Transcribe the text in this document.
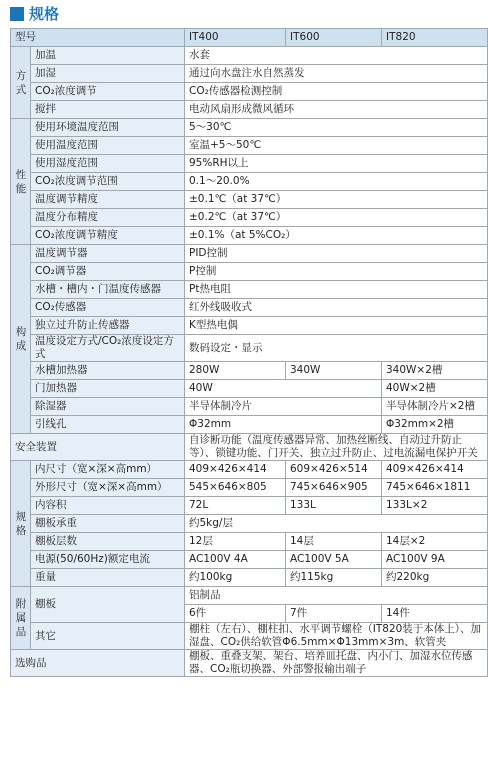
规格
型号		IT400	IT600	IT820
方式	加温	水套		
	加湿	通过向水盘注水自然蒸发		
	CO₂浓度调节	CO₂传感器检测控制		
	搅拌	电动风扇形成微风循环		
性能	使用环境温度范围	5～30℃		
	使用温度范围	室温+5～50℃		
	使用湿度范围	95%RH以上		
	CO₂浓度调节范围	0.1～20.0%		
	温度调节精度	±0.1℃（at 37℃）		
	温度分布精度	±0.2℃（at 37℃）		
	CO₂浓度调节精度	±0.1%（at 5%CO₂）		
构成	温度调节器	PID控制		
	CO₂调节器	P控制		
	水槽・槽内・门温度传感器	Pt热电阻		
	CO₂传感器	红外线吸收式		
	独立过升防止传感器	K型热电偶		
	温度设定方式/CO₂浓度设定方式	数码设定・显示		
	水槽加热器	280W	340W	340W×2槽
	门加热器	40W		40W×2槽
	除湿器	半导体制冷片		半导体制冷片×2槽
	引线孔	Φ32mm		Φ32mm×2槽
安全装置		自诊断功能（温度传感器异常、加热丝断线、自动过升防止等）、锁键功能、门开关、独立过升防止、过电流漏电保护开关		
规格	内尺寸（宽×深×高mm）	409×426×414	609×426×514	409×426×414
	外形尺寸（宽×深×高mm）	545×646×805	745×646×905	745×646×1811
	内容积	72L	133L	133L×2
	棚板承重	约5kg/层		
	棚板层数	12层	14层	14层×2
	电源(50/60Hz)额定电流	AC100V 4A	AC100V 5A	AC100V 9A
	重量	约100kg	约115kg	约220kg
附属品	棚板	铝制品		
		6件	7件	14件
	其它	棚柱（左右）、棚柱扣、水平调节螺栓（IT820装于本体上）、加湿盘、CO₂供给软管Φ6.5mm×Φ13mm×3m、软管夹		
选购品		棚板、重叠支架、架台、培养皿托盘、内小门、加湿水位传感器、CO₂瓶切换器、外部警报输出端子		
